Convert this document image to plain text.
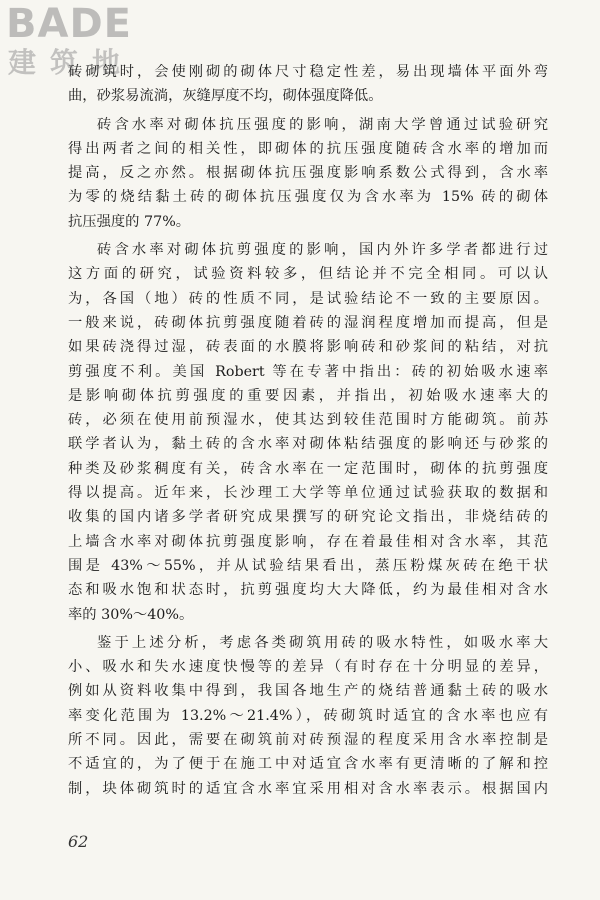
BADE
建筑地
砖砌筑时，会使刚砌的砌体尺寸稳定性差，易出现墙体平面外弯
曲，砂浆易流淌，灰缝厚度不均，砌体强度降低。
砖含水率对砌体抗压强度的影响，湖南大学曾通过试验研究
得出两者之间的相关性，即砌体的抗压强度随砖含水率的增加而
提高，反之亦然。根据砌体抗压强度影响系数公式得到，含水率
为零的烧结黏土砖的砌体抗压强度仅为含水率为 15% 砖的砌体
抗压强度的 77%。
砖含水率对砌体抗剪强度的影响，国内外许多学者都进行过
这方面的研究，试验资料较多，但结论并不完全相同。可以认
为，各国（地）砖的性质不同，是试验结论不一致的主要原因。
一般来说，砖砌体抗剪强度随着砖的湿润程度增加而提高，但是
如果砖浇得过湿，砖表面的水膜将影响砖和砂浆间的粘结，对抗
剪强度不利。美国 Robert 等在专著中指出：砖的初始吸水速率
是影响砌体抗剪强度的重要因素，并指出，初始吸水速率大的
砖，必须在使用前预湿水，使其达到较佳范围时方能砌筑。前苏
联学者认为，黏土砖的含水率对砌体粘结强度的影响还与砂浆的
种类及砂浆稠度有关，砖含水率在一定范围时，砌体的抗剪强度
得以提高。近年来，长沙理工大学等单位通过试验获取的数据和
收集的国内诸多学者研究成果撰写的研究论文指出，非烧结砖的
上墙含水率对砌体抗剪强度影响，存在着最佳相对含水率，其范
围是 43%～55%，并从试验结果看出，蒸压粉煤灰砖在绝干状
态和吸水饱和状态时，抗剪强度均大大降低，约为最佳相对含水
率的 30%～40%。
鉴于上述分析，考虑各类砌筑用砖的吸水特性，如吸水率大
小、吸水和失水速度快慢等的差异（有时存在十分明显的差异，
例如从资料收集中得到，我国各地生产的烧结普通黏土砖的吸水
率变化范围为 13.2%～21.4%），砖砌筑时适宜的含水率也应有
所不同。因此，需要在砌筑前对砖预湿的程度采用含水率控制是
不适宜的，为了便于在施工中对适宜含水率有更清晰的了解和控
制，块体砌筑时的适宜含水率宜采用相对含水率表示。根据国内
62
